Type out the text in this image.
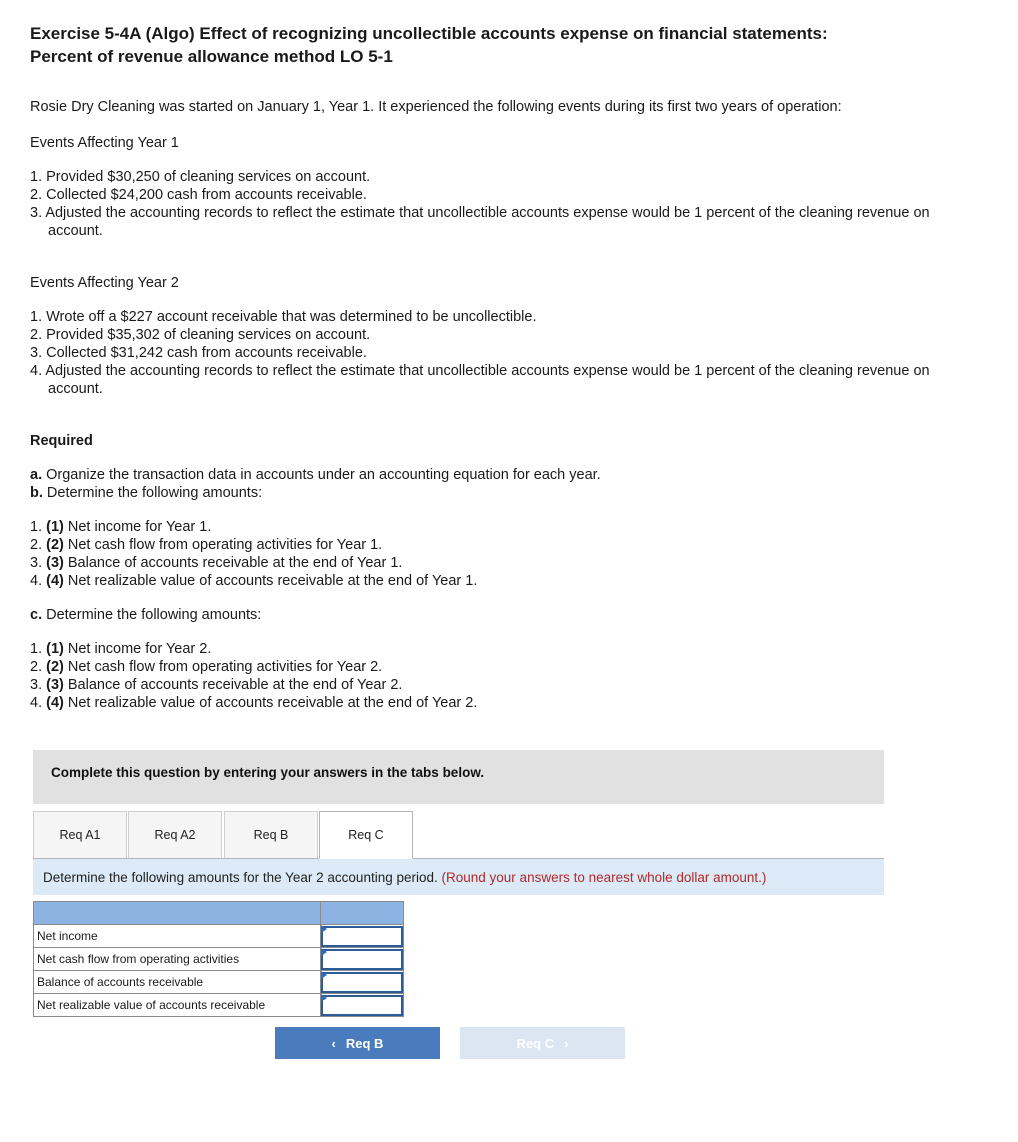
Exercise 5-4A (Algo) Effect of recognizing uncollectible accounts expense on financial statements:
Percent of revenue allowance method LO 5-1
Rosie Dry Cleaning was started on January 1, Year 1. It experienced the following events during its first two years of operation:
Events Affecting Year 1
1. Provided $30,250 of cleaning services on account.
2. Collected $24,200 cash from accounts receivable.
3. Adjusted the accounting records to reflect the estimate that uncollectible accounts expense would be 1 percent of the cleaning revenue on account.
Events Affecting Year 2
1. Wrote off a $227 account receivable that was determined to be uncollectible.
2. Provided $35,302 of cleaning services on account.
3. Collected $31,242 cash from accounts receivable.
4. Adjusted the accounting records to reflect the estimate that uncollectible accounts expense would be 1 percent of the cleaning revenue on account.
Required
a. Organize the transaction data in accounts under an accounting equation for each year.
b. Determine the following amounts:
1. (1) Net income for Year 1.
2. (2) Net cash flow from operating activities for Year 1.
3. (3) Balance of accounts receivable at the end of Year 1.
4. (4) Net realizable value of accounts receivable at the end of Year 1.
c. Determine the following amounts:
1. (1) Net income for Year 2.
2. (2) Net cash flow from operating activities for Year 2.
3. (3) Balance of accounts receivable at the end of Year 2.
4. (4) Net realizable value of accounts receivable at the end of Year 2.
Complete this question by entering your answers in the tabs below.
Req A1	Req A2	Req B	Req C
Determine the following amounts for the Year 2 accounting period. (Round your answers to nearest whole dollar amount.)

Net income	

Net cash flow from operating activities	

Balance of accounts receivable	

Net realizable value of accounts receivable	
‹ Req B	Req C ›
